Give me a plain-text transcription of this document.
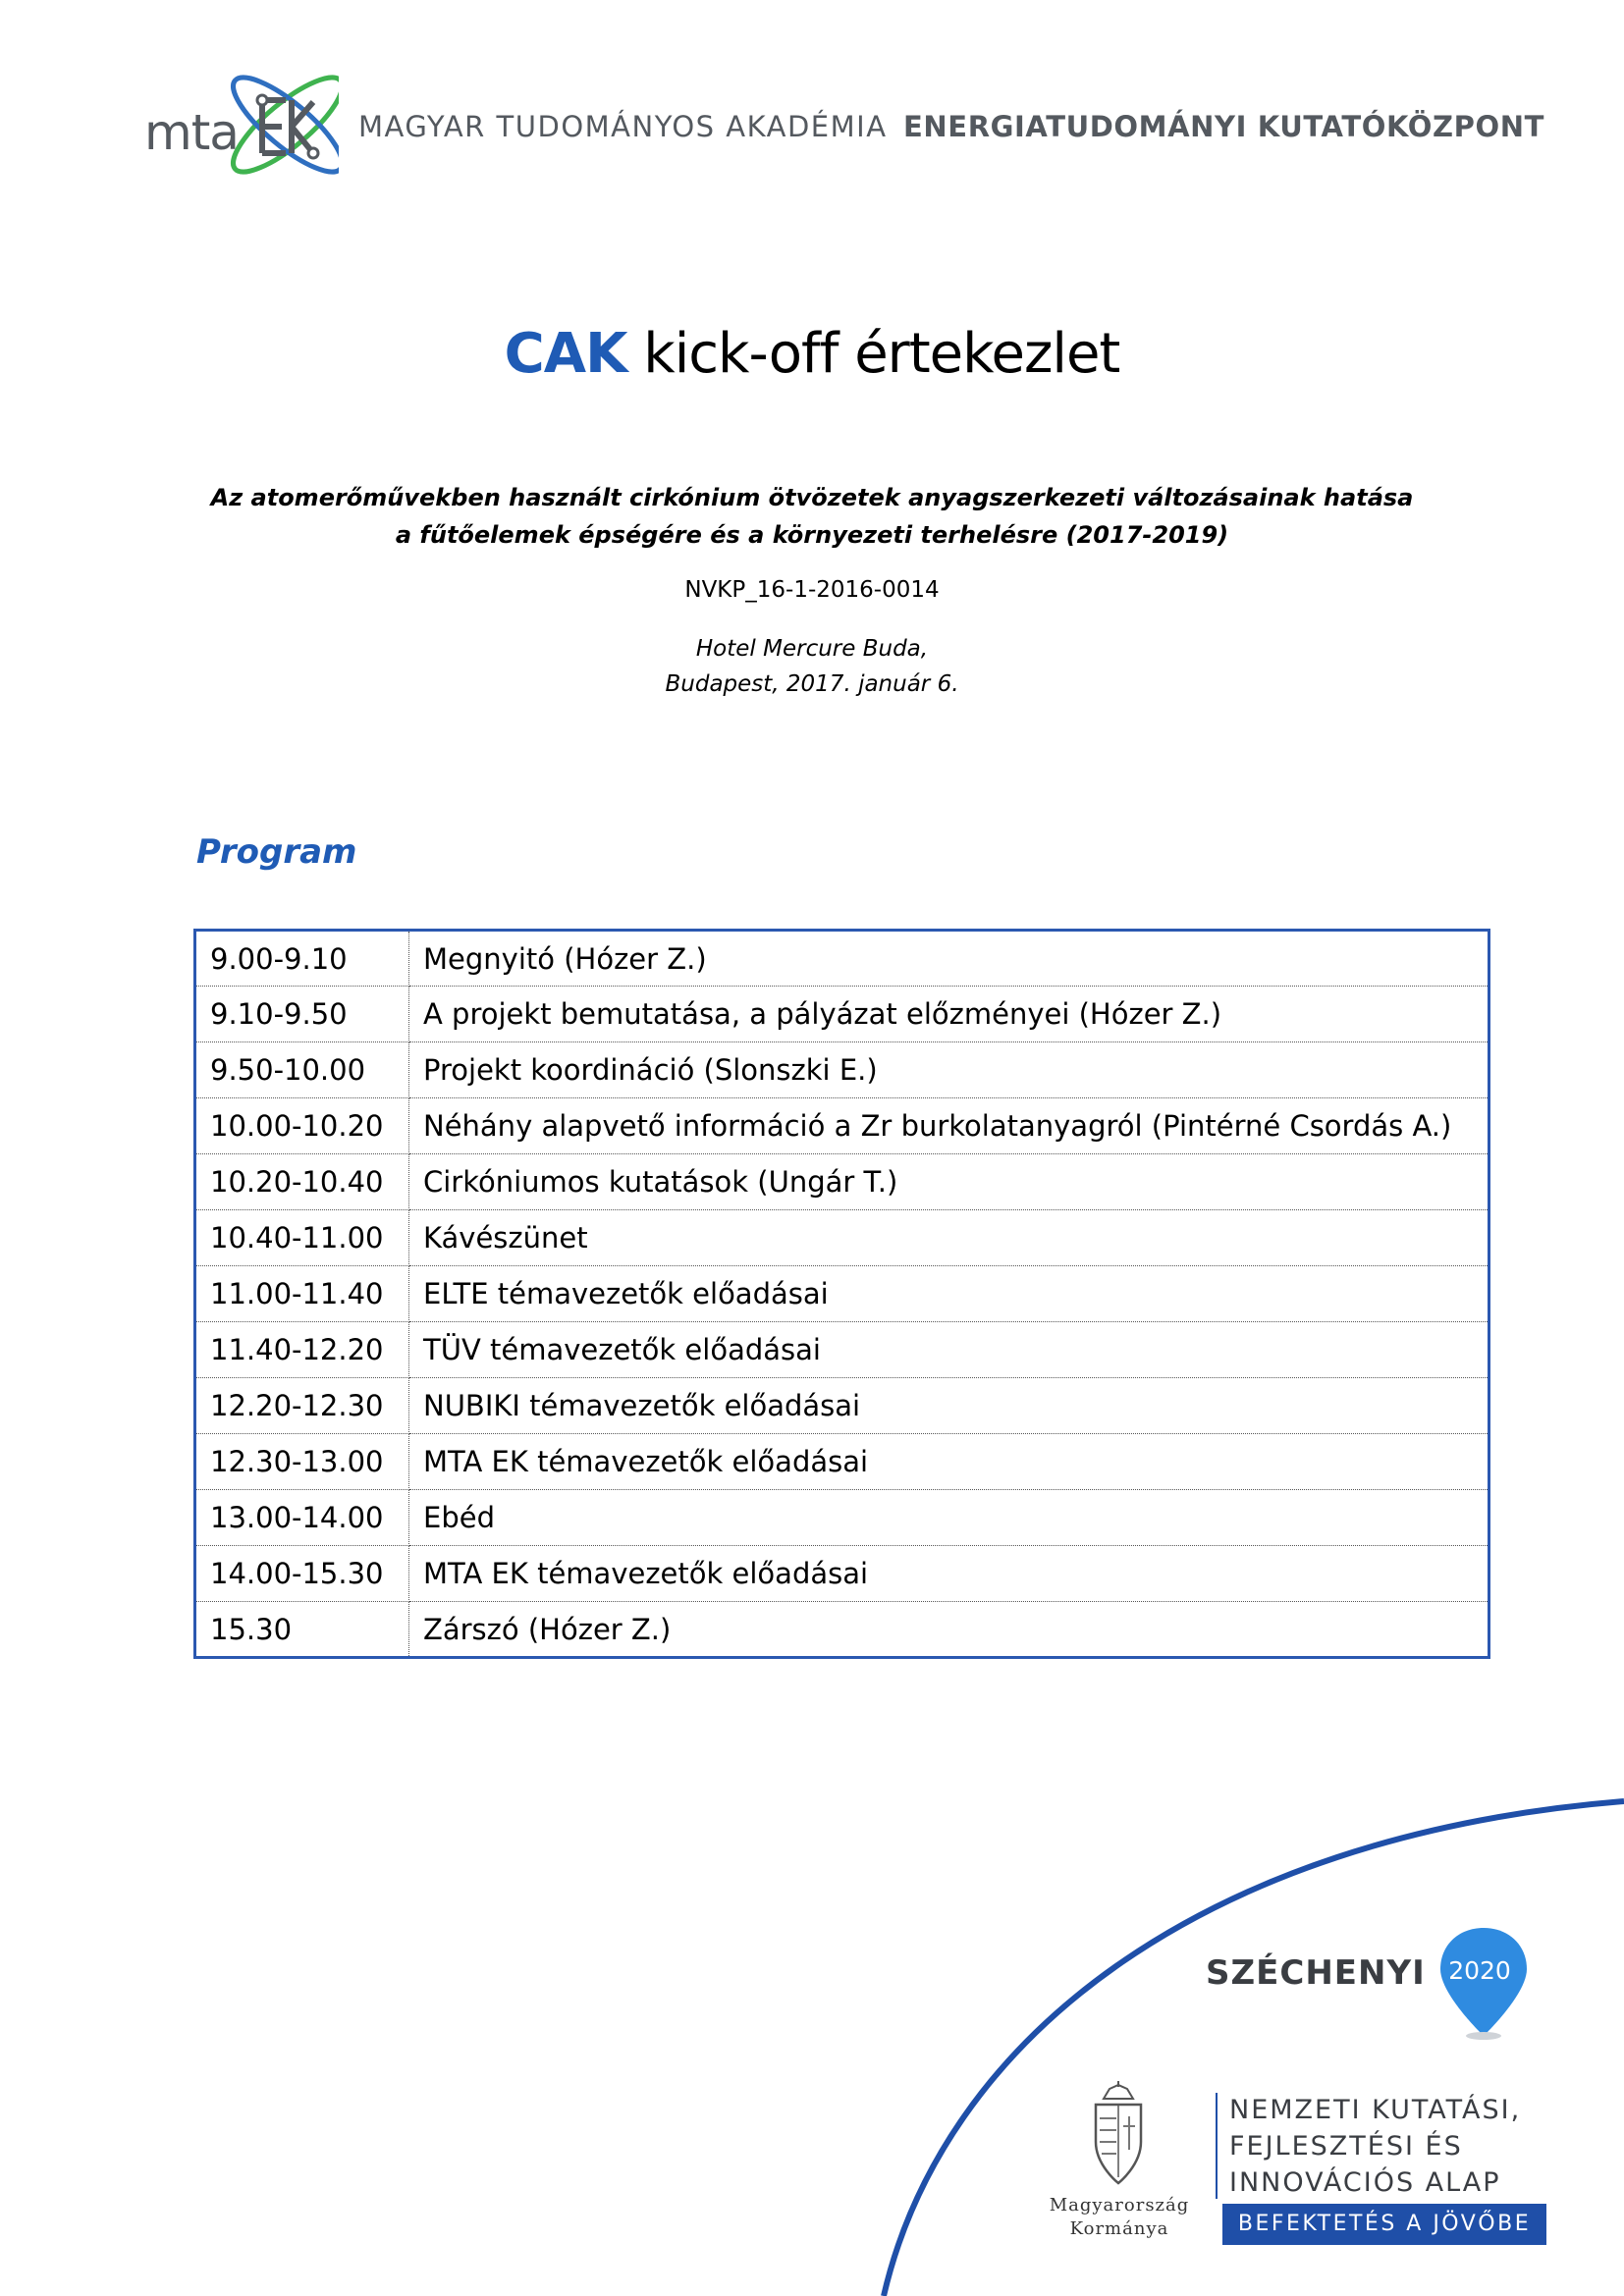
mta	MAGYAR TUDOMÁNYOS AKADÉMIA ENERGIATUDOMÁNYI KUTATÓKÖZPONT
CAK kick-off értekezlet
Az atomerőművekben használt cirkónium ötvözetek anyagszerkezeti változásainak hatása
a fűtőelemek épségére és a környezeti terhelésre (2017-2019)
NVKP_16-1-2016-0014
Hotel Mercure Buda,
Budapest, 2017. január 6.
Program
9.00-9.10	Megnyitó (Hózer Z.)
9.10-9.50	A projekt bemutatása, a pályázat előzményei (Hózer Z.)
9.50-10.00	Projekt koordináció (Slonszki E.)
10.00-10.20	Néhány alapvető információ a Zr burkolatanyagról (Pintérné Csordás A.)
10.20-10.40	Cirkóniumos kutatások (Ungár T.)
10.40-11.00	Kávészünet
11.00-11.40	ELTE témavezetők előadásai
11.40-12.20	TÜV témavezetők előadásai
12.20-12.30	NUBIKI témavezetők előadásai
12.30-13.00	MTA EK témavezetők előadásai
13.00-14.00	Ebéd
14.00-15.30	MTA EK témavezetők előadásai
15.30	Zárszó (Hózer Z.)
SZÉCHENYI 2020
Magyarország
Kormánya
NEMZETI KUTATÁSI,
FEJLESZTÉSI ÉS
INNOVÁCIÓS ALAP
BEFEKTETÉS A JÖVŐBE
